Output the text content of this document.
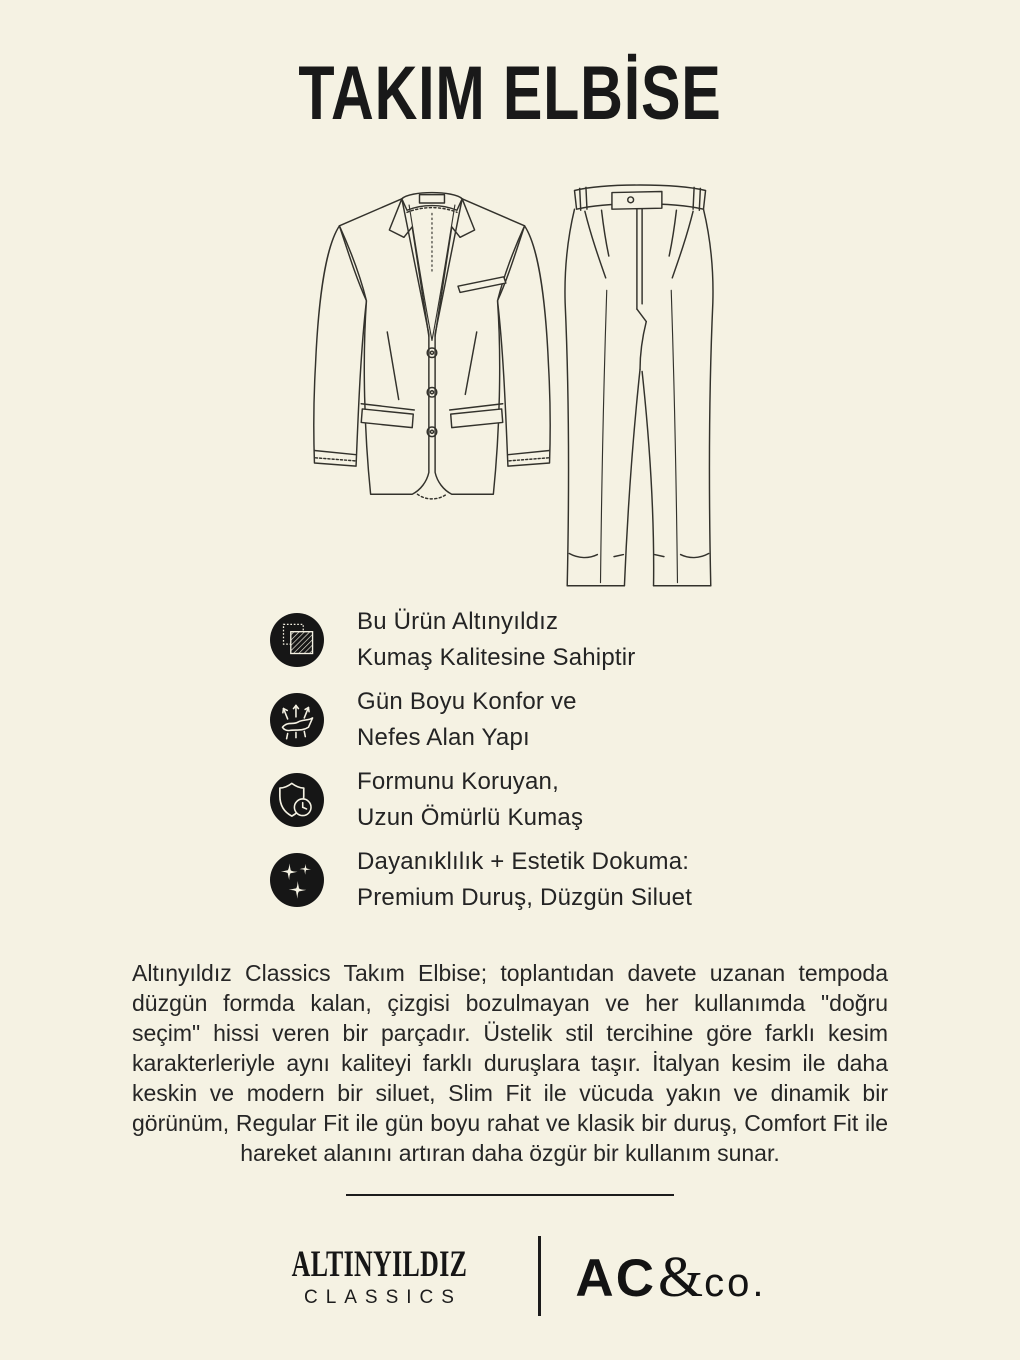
TAKIM ELBİSE
Bu Ürün Altınyıldız
Kumaş Kalitesine Sahiptir
Gün Boyu Konfor ve
Nefes Alan Yapı
Formunu Koruyan,
Uzun Ömürlü Kumaş
Dayanıklılık + Estetik Dokuma:
Premium Duruş, Düzgün Siluet

Altınyıldız Classics Takım Elbise; toplantıdan davete uzanan tempoda düzgün formda kalan, çizgisi bozulmayan ve her kullanımda "doğru seçim" hissi veren bir parçadır. Üstelik stil tercihine göre farklı kesim karakterleriyle aynı kaliteyi farklı duruşlara taşır. İtalyan kesim ile daha keskin ve modern bir siluet, Slim Fit ile vücuda yakın ve dinamik bir görünüm, Regular Fit ile gün boyu rahat ve klasik bir duruş, Comfort Fit ile hareket alanını artıran daha özgür bir kullanım sunar.

ALTINYILDIZ
CLASSICS	AC & co.
